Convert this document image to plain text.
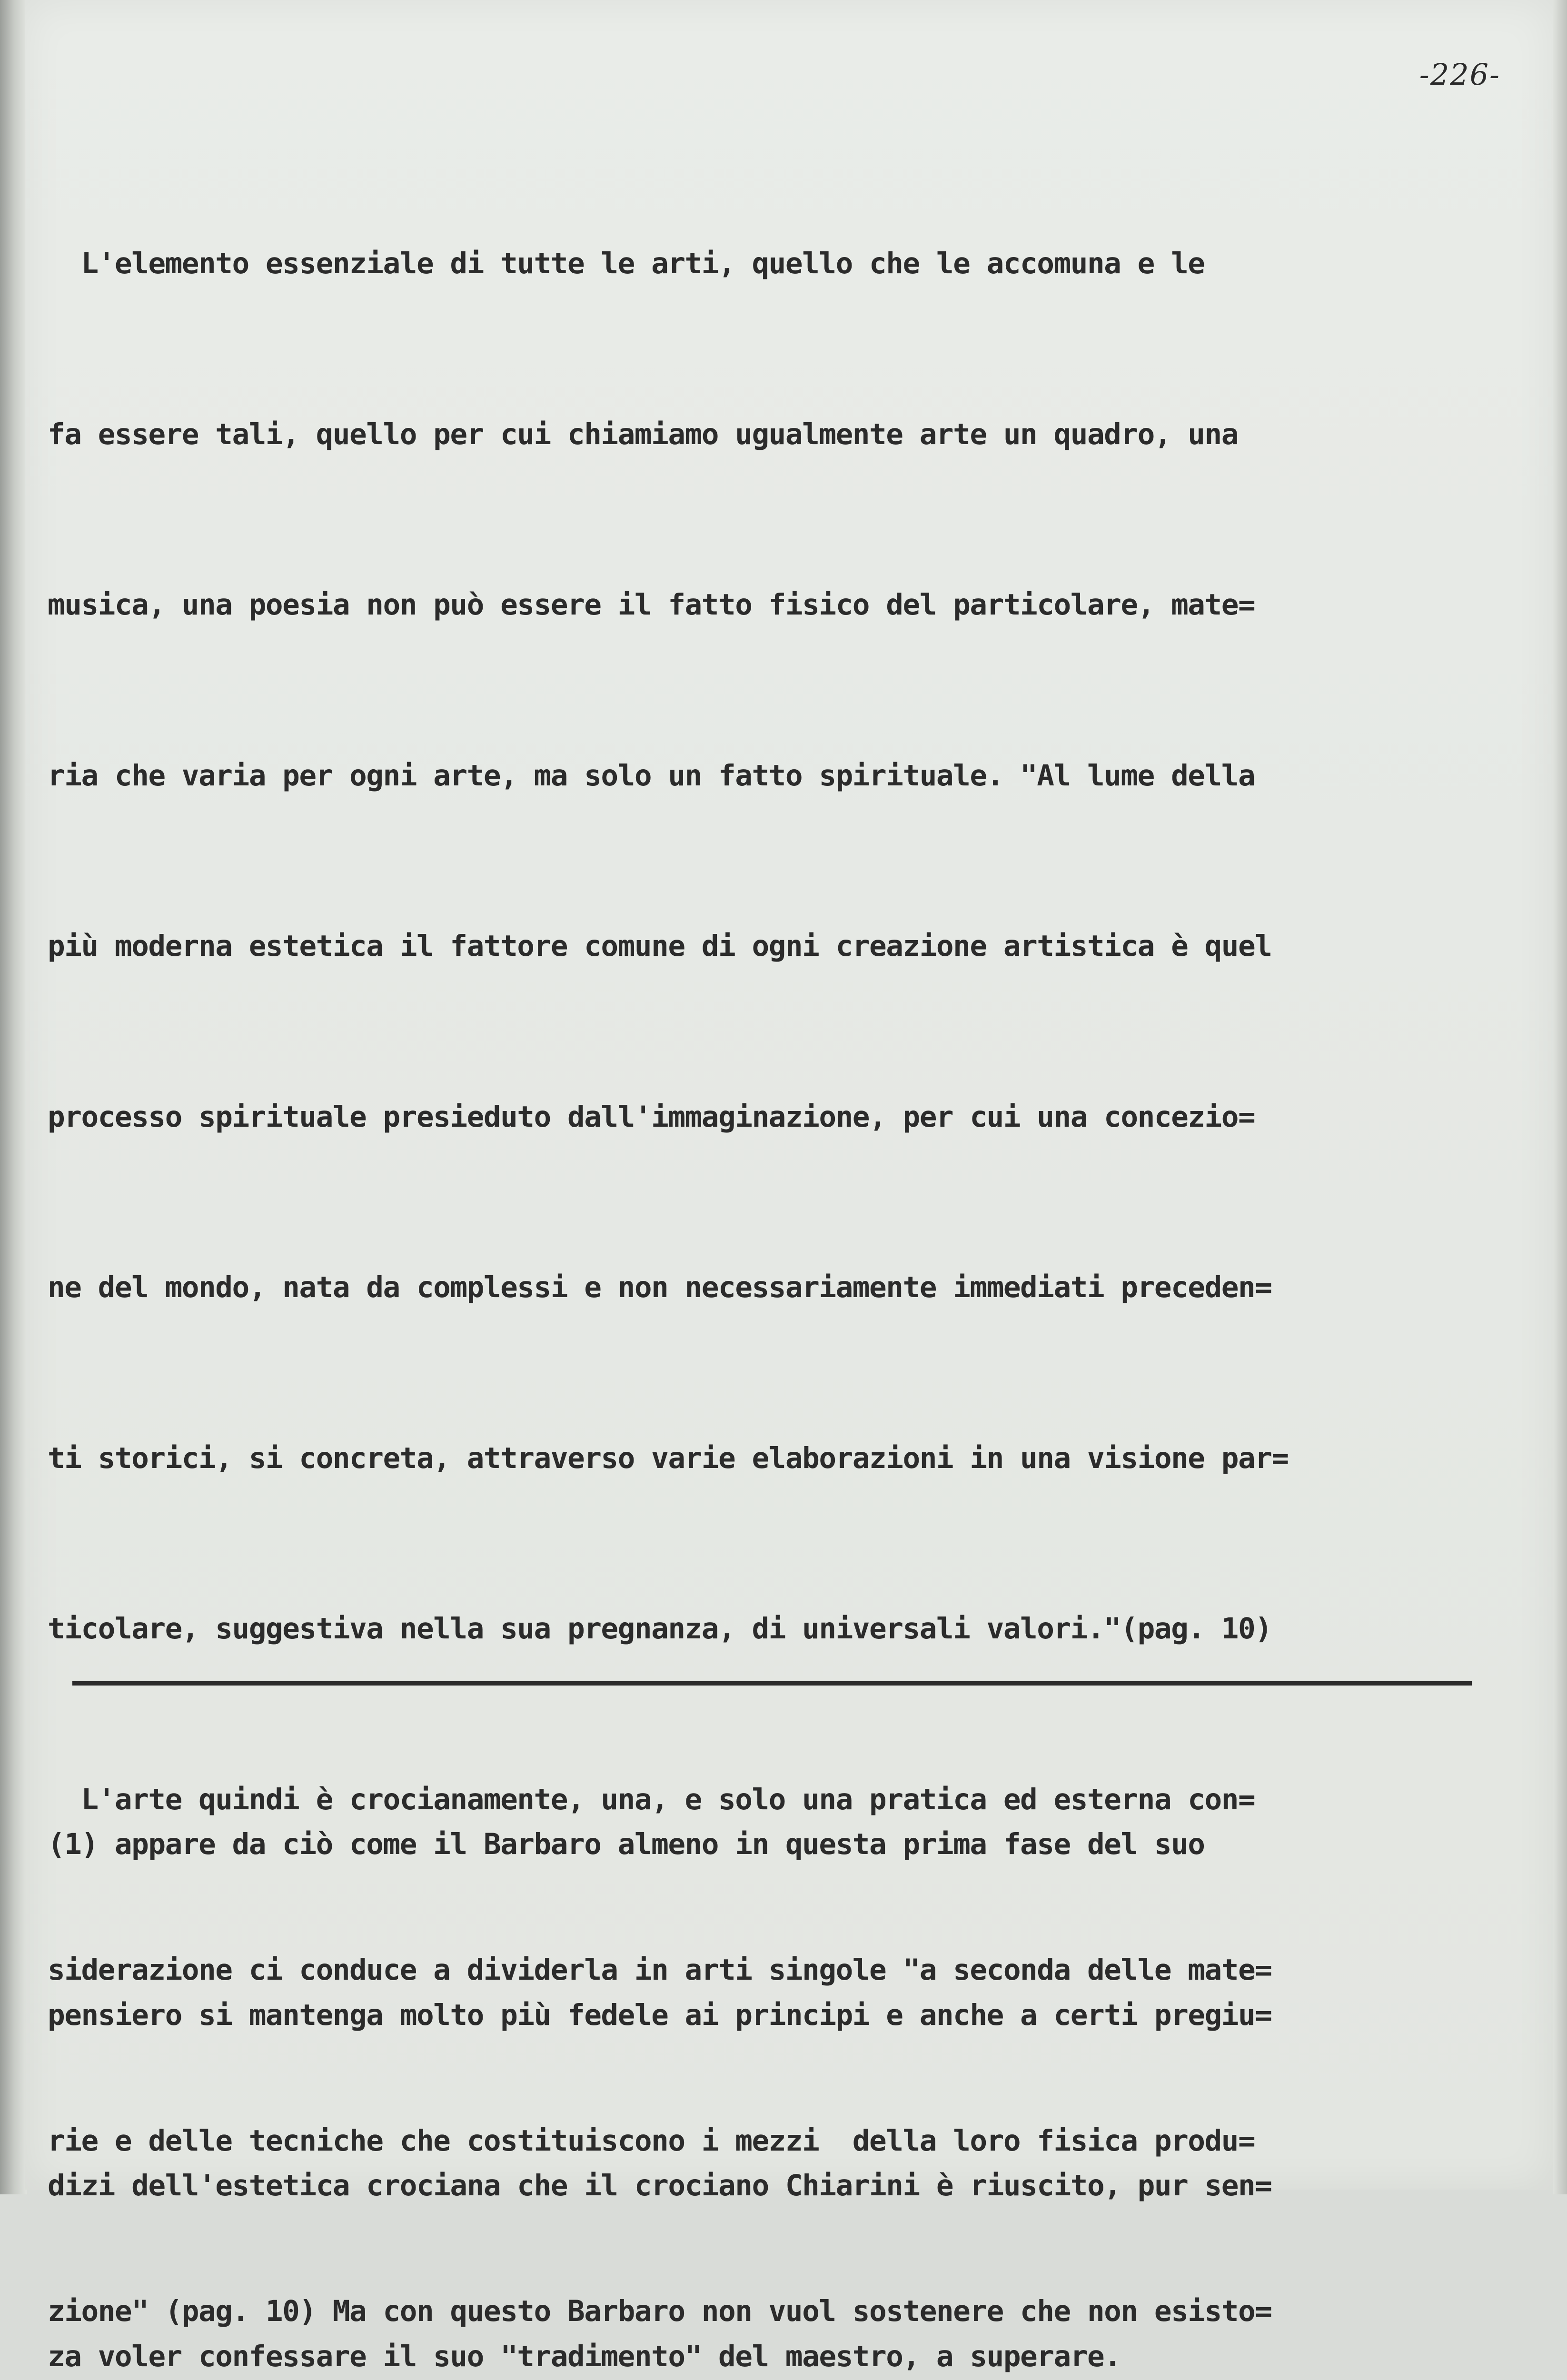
-226-

L'elemento essenziale di tutte le arti, quello che le accomuna e le

fa essere tali, quello per cui chiamiamo ugualmente arte un quadro, una

musica, una poesia non può essere il fatto fisico del particolare, mate=

ria che varia per ogni arte, ma solo un fatto spirituale. "Al lume della

più moderna estetica il fattore comune di ogni creazione artistica è quel

processo spirituale presieduto dall'immaginazione, per cui una concezio=

ne del mondo, nata da complessi e non necessariamente immediati preceden=

ti storici, si concreta, attraverso varie elaborazioni in una visione par=

ticolare, suggestiva nella sua pregnanza, di universali valori."(pag. 10)

L'arte quindi è crocianamente, una, e solo una pratica ed esterna con=

siderazione ci conduce a dividerla in arti singole "a seconda delle mate=

rie e delle tecniche che costituiscono i mezzi  della loro fisica produ=

zione" (pag. 10) Ma con questo Barbaro non vuol sostenere che non esisto=

(1) appare da ciò come il Barbaro almeno in questa prima fase del suo

pensiero si mantenga molto più fedele ai principi e anche a certi pregiu=

dizi dell'estetica crociana che il crociano Chiarini è riuscito, pur sen=

za voler confessare il suo "tradimento" del maestro, a superare.
